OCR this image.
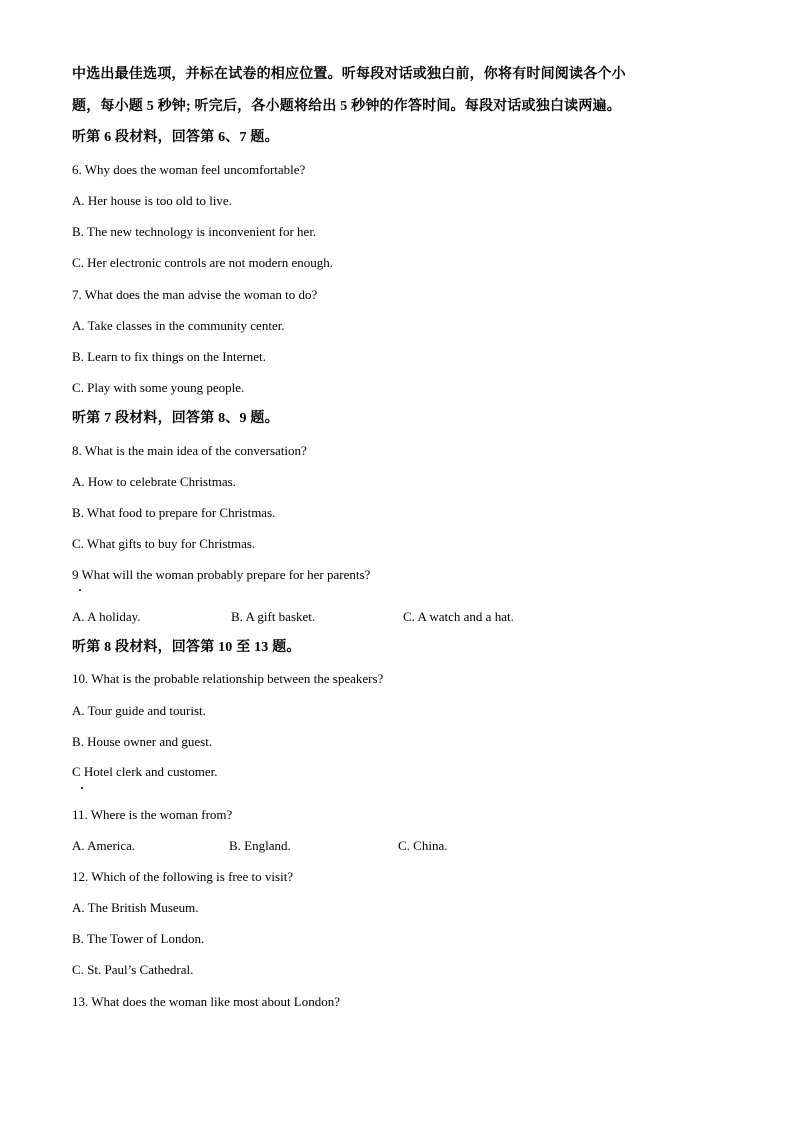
中选出最佳选项，并标在试卷的相应位置。听每段对话或独白前，你将有时间阅读各个小
题，每小题 5 秒钟; 听完后，各小题将给出 5 秒钟的作答时间。每段对话或独白读两遍。
听第 6 段材料，回答第 6、7 题。
6. Why does the woman feel uncomfortable?
A. Her house is too old to live.
B. The new technology is inconvenient for her.
C. Her electronic controls are not modern enough.
7. What does the man advise the woman to do?
A. Take classes in the community center.
B. Learn to fix things on the Internet.
C. Play with some young people.
听第 7 段材料，回答第 8、9 题。
8. What is the main idea of the conversation?
A. How to celebrate Christmas.
B. What food to prepare for Christmas.
C. What gifts to buy for Christmas.
9 What will the woman probably prepare for her parents?
A. A holiday.	B. A gift basket.	C. A watch and a hat.
听第 8 段材料，回答第 10 至 13 题。
10. What is the probable relationship between the speakers?
A. Tour guide and tourist.
B. House owner and guest.
C Hotel clerk and customer.
11. Where is the woman from?
A. America.	B. England.	C. China.
12. Which of the following is free to visit?
A. The British Museum.
B. The Tower of London.
C. St. Paul’s Cathedral.
13. What does the woman like most about London?
